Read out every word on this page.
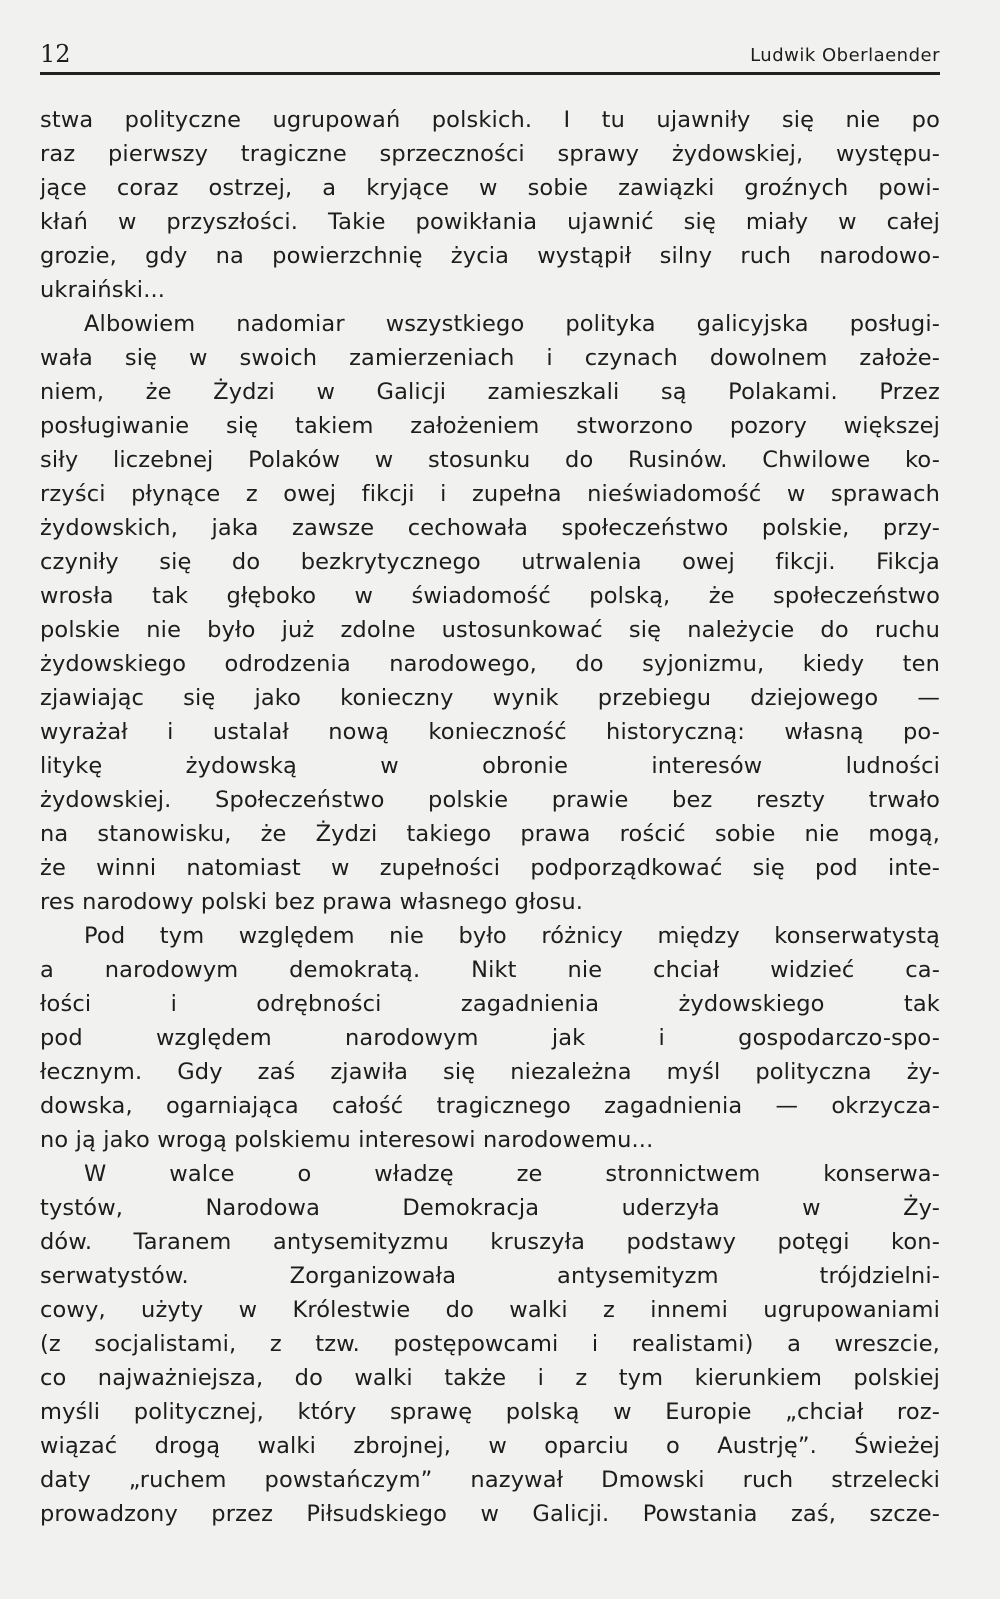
12	Ludwik Oberlaender
stwa polityczne ugrupowań polskich. I tu ujawniły się nie po
raz pierwszy tragiczne sprzeczności sprawy żydowskiej, występu-
jące coraz ostrzej, a kryjące w sobie zawiązki groźnych powi-
kłań w przyszłości. Takie powikłania ujawnić się miały w całej
grozie, gdy na powierzchnię życia wystąpił silny ruch narodowo-
ukraiński...
Albowiem nadomiar wszystkiego polityka galicyjska posługi-
wała się w swoich zamierzeniach i czynach dowolnem założe-
niem, że Żydzi w Galicji zamieszkali są Polakami. Przez
posługiwanie się takiem założeniem stworzono pozory większej
siły liczebnej Polaków w stosunku do Rusinów. Chwilowe ko-
rzyści płynące z owej fikcji i zupełna nieświadomość w sprawach
żydowskich, jaka zawsze cechowała społeczeństwo polskie, przy-
czyniły się do bezkrytycznego utrwalenia owej fikcji. Fikcja
wrosła tak głęboko w świadomość polską, że społeczeństwo
polskie nie było już zdolne ustosunkować się należycie do ruchu
żydowskiego odrodzenia narodowego, do syjonizmu, kiedy ten
zjawiając się jako konieczny wynik przebiegu dziejowego —
wyrażał i ustalał nową konieczność historyczną: własną po-
litykę żydowską w obronie interesów ludności
żydowskiej. Społeczeństwo polskie prawie bez reszty trwało
na stanowisku, że Żydzi takiego prawa rościć sobie nie mogą,
że winni natomiast w zupełności podporządkować się pod inte-
res narodowy polski bez prawa własnego głosu.
Pod tym względem nie było różnicy między konserwatystą
a narodowym demokratą. Nikt nie chciał widzieć ca-
łości i odrębności zagadnienia żydowskiego tak
pod względem narodowym jak i gospodarczo-spo-
łecznym. Gdy zaś zjawiła się niezależna myśl polityczna ży-
dowska, ogarniająca całość tragicznego zagadnienia — okrzycza-
no ją jako wrogą polskiemu interesowi narodowemu...
W walce o władzę ze stronnictwem konserwa-
tystów, Narodowa Demokracja uderzyła w Ży-
dów. Taranem antysemityzmu kruszyła podstawy potęgi kon-
serwatystów. Zorganizowała antysemityzm trójdzielni-
cowy, użyty w Królestwie do walki z innemi ugrupowaniami
(z socjalistami, z tzw. postępowcami i realistami) a wreszcie,
co najważniejsza, do walki także i z tym kierunkiem polskiej
myśli politycznej, który sprawę polską w Europie „chciał roz-
wiązać drogą walki zbrojnej, w oparciu o Austrję”. Świeżej
daty „ruchem powstańczym” nazywał Dmowski ruch strzelecki
prowadzony przez Piłsudskiego w Galicji. Powstania zaś, szcze-
